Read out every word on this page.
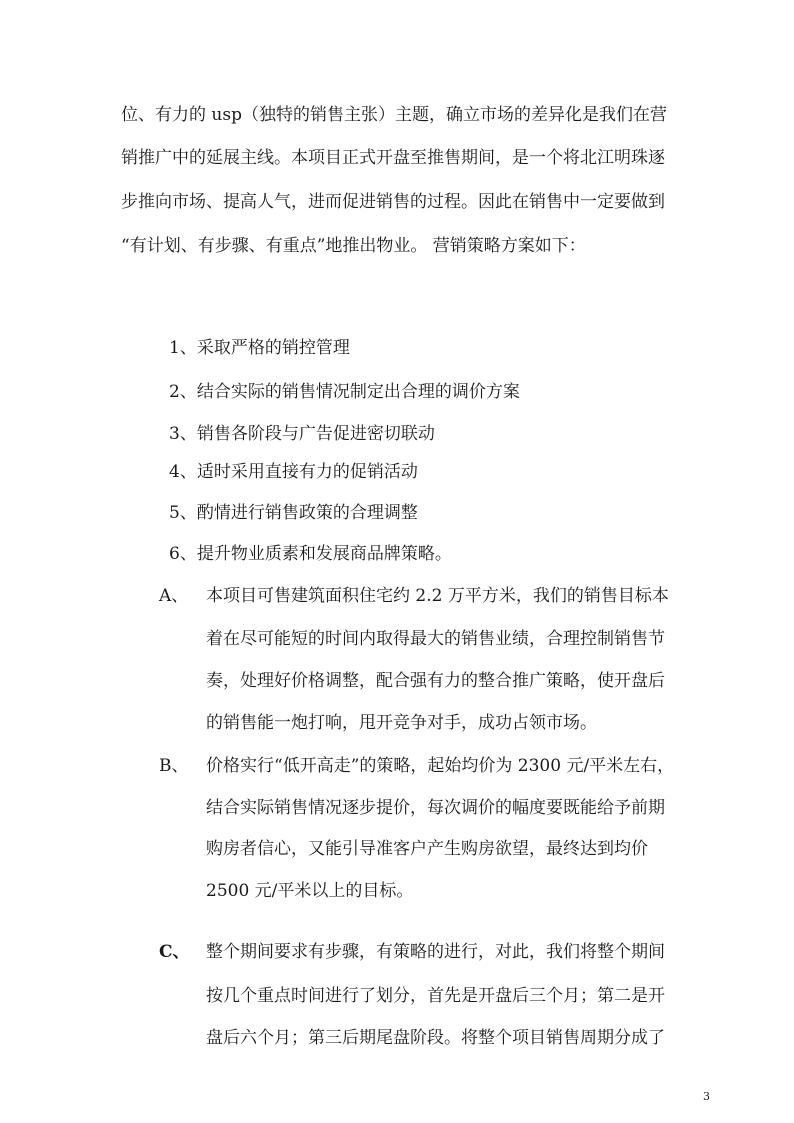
位、有力的 usp（独特的销售主张）主题，确立市场的差异化是我们在营
销推广中的延展主线。本项目正式开盘至推售期间，是一个将北江明珠逐
步推向市场、提高人气，进而促进销售的过程。因此在销售中一定要做到
“有计划、有步骤、有重点”地推出物业。 营销策略方案如下：
1、采取严格的销控管理
2、结合实际的销售情况制定出合理的调价方案
3、销售各阶段与广告促进密切联动
4、适时采用直接有力的促销活动
5、酌情进行销售政策的合理调整
6、提升物业质素和发展商品牌策略。
A、 本项目可售建筑面积住宅约 2.2 万平方米，我们的销售目标本
着在尽可能短的时间内取得最大的销售业绩，合理控制销售节
奏，处理好价格调整，配合强有力的整合推广策略，使开盘后
的销售能一炮打响，甩开竞争对手，成功占领市场。
B、 价格实行“低开高走”的策略，起始均价为 2300 元/平米左右，
结合实际销售情况逐步提价，每次调价的幅度要既能给予前期
购房者信心，又能引导准客户产生购房欲望，最终达到均价
2500 元/平米以上的目标。
C、 整个期间要求有步骤，有策略的进行，对此，我们将整个期间
按几个重点时间进行了划分，首先是开盘后三个月；第二是开
盘后六个月；第三后期尾盘阶段。将整个项目销售周期分成了
3
